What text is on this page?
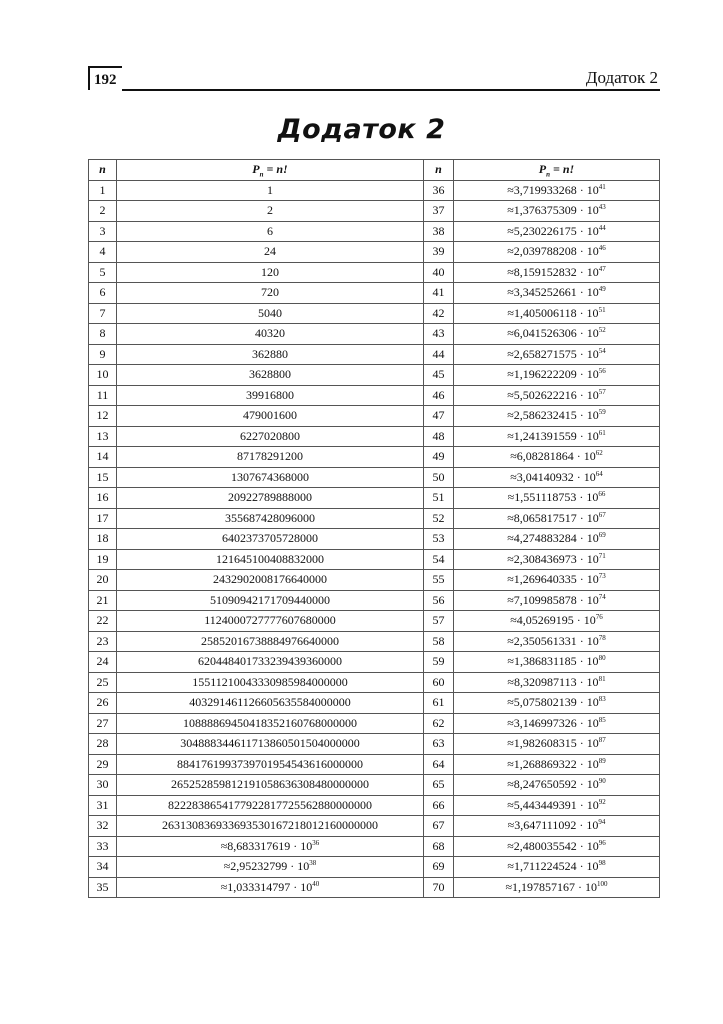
192	Додаток 2
Додаток 2
n	$P_n = n$!	n	$P_n = n$!
1	1	36	$\approx 3,719933268 \cdot 10^{41}$
2	2	37	$\approx 1,376375309 \cdot 10^{43}$
3	6	38	$\approx 5,230226175 \cdot 10^{44}$
4	24	39	$\approx 2,039788208 \cdot 10^{46}$
5	120	40	$\approx 8,159152832 \cdot 10^{47}$
6	720	41	$\approx 3,345252661 \cdot 10^{49}$
7	5040	42	$\approx 1,405006118 \cdot 10^{51}$
8	40320	43	$\approx 6,041526306 \cdot 10^{52}$
9	362880	44	$\approx 2,658271575 \cdot 10^{54}$
10	3628800	45	$\approx 1,196222209 \cdot 10^{56}$
11	39916800	46	$\approx 5,502622216 \cdot 10^{57}$
12	479001600	47	$\approx 2,586232415 \cdot 10^{59}$
13	6227020800	48	$\approx 1,241391559 \cdot 10^{61}$
14	87178291200	49	$\approx 6,08281864 \cdot 10^{62}$
15	1307674368000	50	$\approx 3,04140932 \cdot 10^{64}$
16	20922789888000	51	$\approx 1,551118753 \cdot 10^{66}$
17	355687428096000	52	$\approx 8,065817517 \cdot 10^{67}$
18	6402373705728000	53	$\approx 4,274883284 \cdot 10^{69}$
19	121645100408832000	54	$\approx 2,308436973 \cdot 10^{71}$
20	2432902008176640000	55	$\approx 1,269640335 \cdot 10^{73}$
21	51090942171709440000	56	$\approx 7,109985878 \cdot 10^{74}$
22	1124000727777607680000	57	$\approx 4,05269195 \cdot 10^{76}$
23	25852016738884976640000	58	$\approx 2,350561331 \cdot 10^{78}$
24	620448401733239439360000	59	$\approx 1,386831185 \cdot 10^{80}$
25	15511210043330985984000000	60	$\approx 8,320987113 \cdot 10^{81}$
26	403291461126605635584000000	61	$\approx 5,075802139 \cdot 10^{83}$
27	10888869450418352160768000000	62	$\approx 3,146997326 \cdot 10^{85}$
28	304888344611713860501504000000	63	$\approx 1,982608315 \cdot 10^{87}$
29	8841761993739701954543616000000	64	$\approx 1,268869322 \cdot 10^{89}$
30	265252859812191058636308480000000	65	$\approx 8,247650592 \cdot 10^{90}$
31	8222838654177922817725562880000000	66	$\approx 5,443449391 \cdot 10^{92}$
32	263130836933693530167218012160000000	67	$\approx 3,647111092 \cdot 10^{94}$
33	$\approx 8,683317619 \cdot 10^{36}$	68	$\approx 2,480035542 \cdot 10^{96}$
34	$\approx 2,95232799 \cdot 10^{38}$	69	$\approx 1,711224524 \cdot 10^{98}$
35	$\approx 1,033314797 \cdot 10^{40}$	70	$\approx 1,197857167 \cdot 10^{100}$
